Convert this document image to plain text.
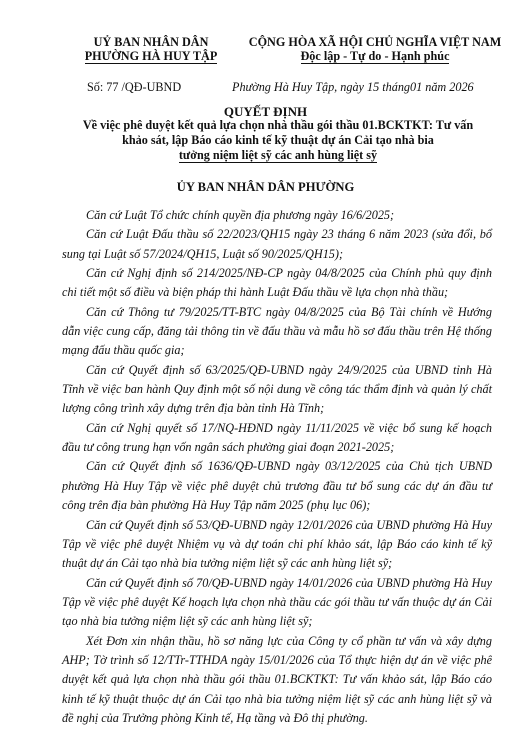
UỶ BAN NHÂN DÂN
PHƯỜNG HÀ HUY TẬP
CỘNG HÒA XÃ HỘI CHỦ NGHĨA VIỆT NAM
Độc lập - Tự do - Hạnh phúc
Số: 77 /QĐ-UBND	Phường Hà Huy Tập, ngày 15 tháng01 năm 2026
QUYẾT ĐỊNH
Về việc phê duyệt kết quả lựa chọn nhà thầu gói thầu 01.BCKTKT: Tư vấn
khảo sát, lập Báo cáo kinh tế kỹ thuật dự án Cải tạo nhà bia
tưởng niệm liệt sỹ các anh hùng liệt sỹ
ỦY BAN NHÂN DÂN PHƯỜNG

Căn cứ Luật Tổ chức chính quyền địa phương ngày 16/6/2025;

Căn cứ Luật Đấu thầu số 22/2023/QH15 ngày 23 tháng 6 năm 2023 (sửa đổi, bổ sung tại Luật số 57/2024/QH15, Luật số 90/2025/QH15);

Căn cứ Nghị định số 214/2025/NĐ-CP ngày 04/8/2025 của Chính phủ quy định chi tiết một số điều và biện pháp thi hành Luật Đấu thầu về lựa chọn nhà thầu;

Căn cứ Thông tư 79/2025/TT-BTC ngày 04/8/2025 của Bộ Tài chính về Hướng dẫn việc cung cấp, đăng tải thông tin về đấu thầu và mẫu hồ sơ đấu thầu trên Hệ thống mạng đấu thầu quốc gia;

Căn cứ Quyết định số 63/2025/QĐ-UBND ngày 24/9/2025 của UBND tỉnh Hà Tĩnh về việc ban hành Quy định một số nội dung về công tác thẩm định và quản lý chất lượng công trình xây dựng trên địa bàn tỉnh Hà Tĩnh;

Căn cứ Nghị quyết số 17/NQ-HĐND ngày 11/11/2025 về việc bổ sung kế hoạch đầu tư công trung hạn vốn ngân sách phường giai đoạn 2021-2025;

Căn cứ Quyết định số 1636/QĐ-UBND ngày 03/12/2025 của Chủ tịch UBND phường Hà Huy Tập về việc phê duyệt chủ trương đầu tư bổ sung các dự án đầu tư công trên địa bàn phường Hà Huy Tập năm 2025 (phụ lục 06);

Căn cứ Quyết định số 53/QĐ-UBND ngày 12/01/2026 của UBND phường Hà Huy Tập về việc phê duyệt Nhiệm vụ và dự toán chi phí khảo sát, lập Báo cáo kinh tế kỹ thuật dự án Cải tạo nhà bia tưởng niệm liệt sỹ các anh hùng liệt sỹ;

Căn cứ Quyết định số 70/QĐ-UBND ngày 14/01/2026 của UBND phường Hà Huy Tập về việc phê duyệt Kế hoạch lựa chọn nhà thầu các gói thầu tư vấn thuộc dự án Cải tạo nhà bia tưởng niệm liệt sỹ các anh hùng liệt sỹ;

Xét Đơn xin nhận thầu, hồ sơ năng lực của Công ty cổ phần tư vấn và xây dựng AHP; Tờ trình số 12/TTr-TTHDA ngày 15/01/2026 của Tổ thực hiện dự án về việc phê duyệt kết quả lựa chọn nhà thầu gói thầu 01.BCKTKT: Tư vấn khảo sát, lập Báo cáo kinh tế kỹ thuật thuộc dự án Cải tạo nhà bia tưởng niệm liệt sỹ các anh hùng liệt sỹ và đề nghị của Trưởng phòng Kinh tế, Hạ tầng và Đô thị phường.
